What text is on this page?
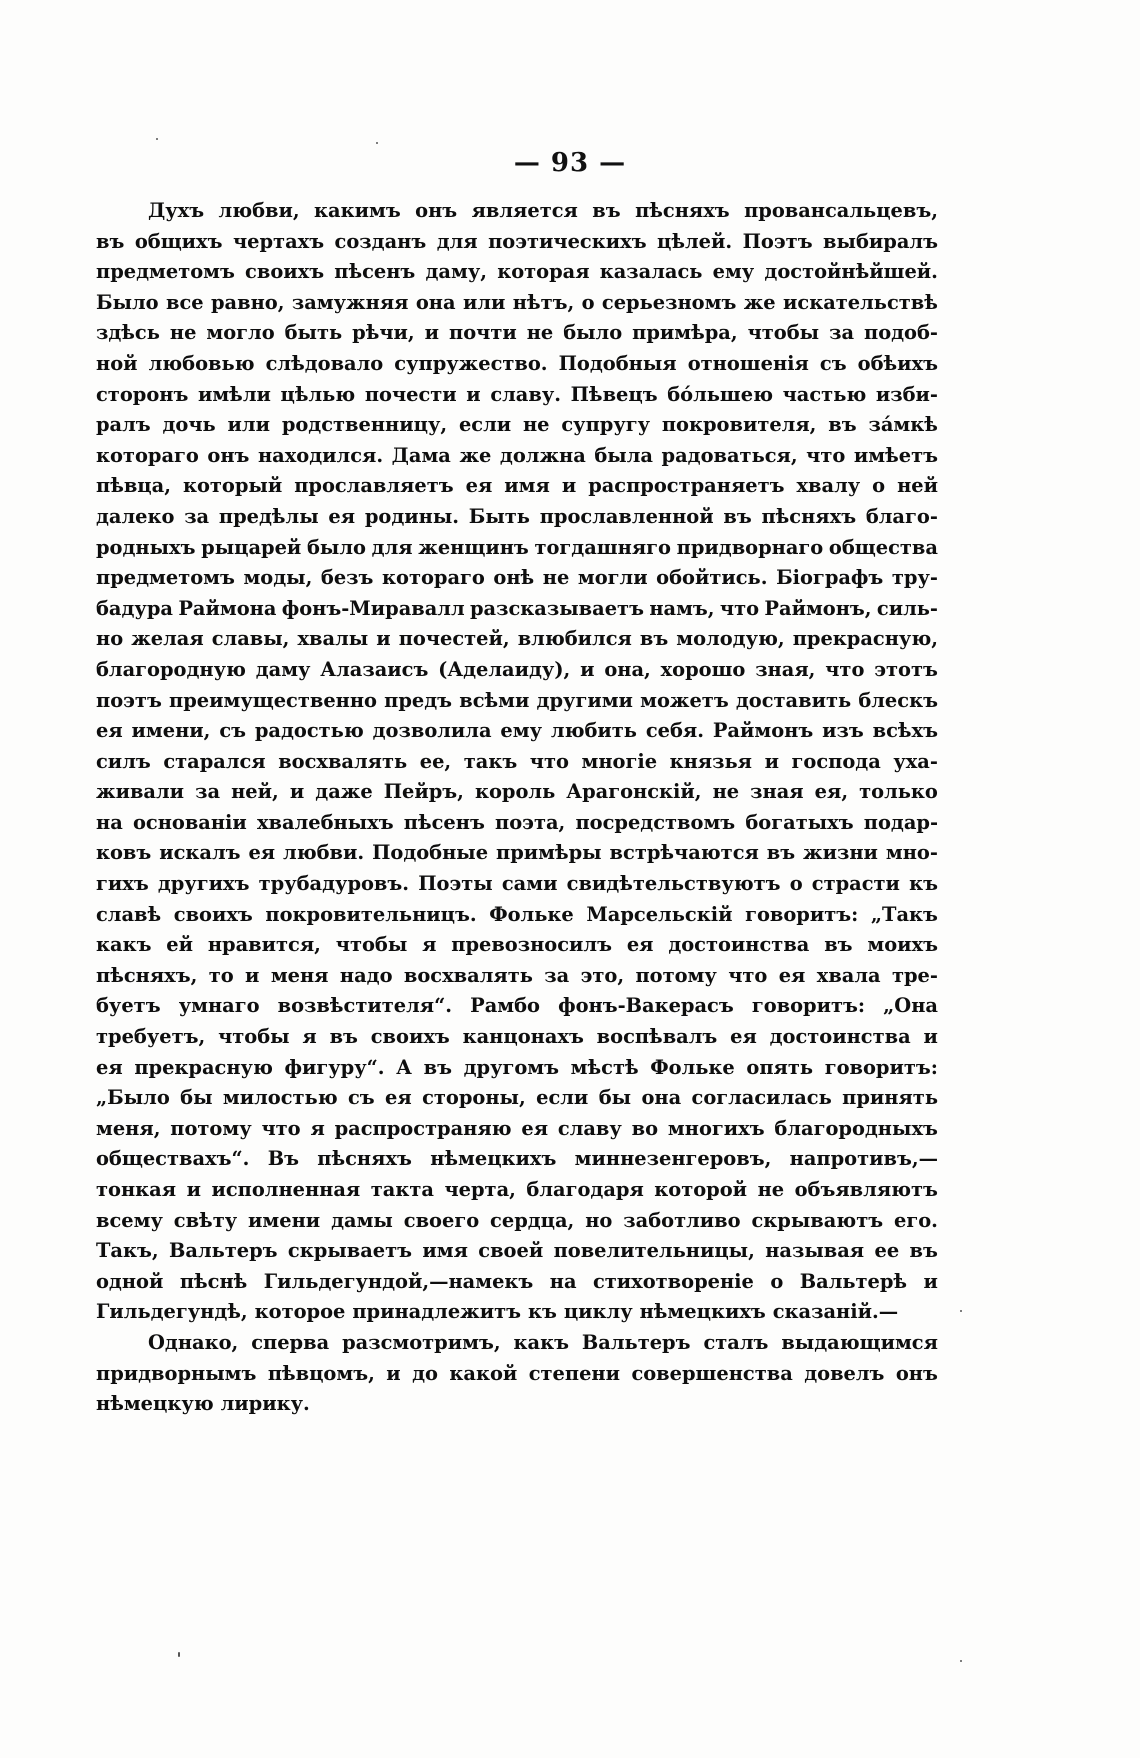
— 93 —
Духъ любви, какимъ онъ является въ пѣсняхъ провансальцевъ,
въ общихъ чертахъ созданъ для поэтическихъ цѣлей. Поэтъ выбиралъ
предметомъ своихъ пѣсенъ даму, которая казалась ему достойнѣйшей.
Было все равно, замужняя она или нѣтъ, о серьезномъ же искательствѣ
здѣсь не могло быть рѣчи, и почти не было примѣра, чтобы за подоб-
ной любовью слѣдовало супружество. Подобныя отношенія съ обѣихъ
сторонъ имѣли цѣлью почести и славу. Пѣвецъ бо́льшею частью изби-
ралъ дочь или родственницу, если не супругу покровителя, въ за́мкѣ
котораго онъ находился. Дама же должна была радоваться, что имѣетъ
пѣвца, который прославляетъ ея имя и распространяетъ хвалу о ней
далеко за предѣлы ея родины. Быть прославленной въ пѣсняхъ благо-
родныхъ рыцарей было для женщинъ тогдашняго придворнаго общества
предметомъ моды, безъ котораго онѣ не могли обойтись. Біографъ тру-
бадура Раймона фонъ-Миравалл разсказываетъ намъ, что Раймонъ, силь-
но желая славы, хвалы и почестей, влюбился въ молодую, прекрасную,
благородную даму Алазаисъ (Аделаиду), и она, хорошо зная, что этотъ
поэтъ преимущественно предъ всѣми другими можетъ доставить блескъ
ея имени, съ радостью дозволила ему любить себя. Раймонъ изъ всѣхъ
силъ старался восхвалять ее, такъ что многіе князья и господа уха-
живали за ней, и даже Пейръ, король Арагонскій, не зная ея, только
на основаніи хвалебныхъ пѣсенъ поэта, посредствомъ богатыхъ подар-
ковъ искалъ ея любви. Подобные примѣры встрѣчаются въ жизни мно-
гихъ другихъ трубадуровъ. Поэты сами свидѣтельствуютъ о страсти къ
славѣ своихъ покровительницъ. Фольке Марсельскій говоритъ: „Такъ
какъ ей нравится, чтобы я превозносилъ ея достоинства въ моихъ
пѣсняхъ, то и меня надо восхвалять за это, потому что ея хвала тре-
буетъ умнаго возвѣстителя“. Рамбо фонъ-Вакерасъ говоритъ: „Она
требуетъ, чтобы я въ своихъ канцонахъ воспѣвалъ ея достоинства и
ея прекрасную фигуру“. А въ другомъ мѣстѣ Фольке опять говоритъ:
„Было бы милостью съ ея стороны, если бы она согласилась принять
меня, потому что я распространяю ея славу во многихъ благородныхъ
обществахъ“. Въ пѣсняхъ нѣмецкихъ миннезенгеровъ, напротивъ,—
тонкая и исполненная такта черта, благодаря которой не объявляютъ
всему свѣту имени дамы своего сердца, но заботливо скрываютъ его.
Такъ, Вальтеръ скрываетъ имя своей повелительницы, называя ее въ
одной пѣснѣ Гильдегундой,—намекъ на стихотвореніе о Вальтерѣ и
Гильдегундѣ, которое принадлежитъ къ циклу нѣмецкихъ сказаній.—
Однако, сперва разсмотримъ, какъ Вальтеръ сталъ выдающимся
придворнымъ пѣвцомъ, и до какой степени совершенства довелъ онъ
нѣмецкую лирику.
